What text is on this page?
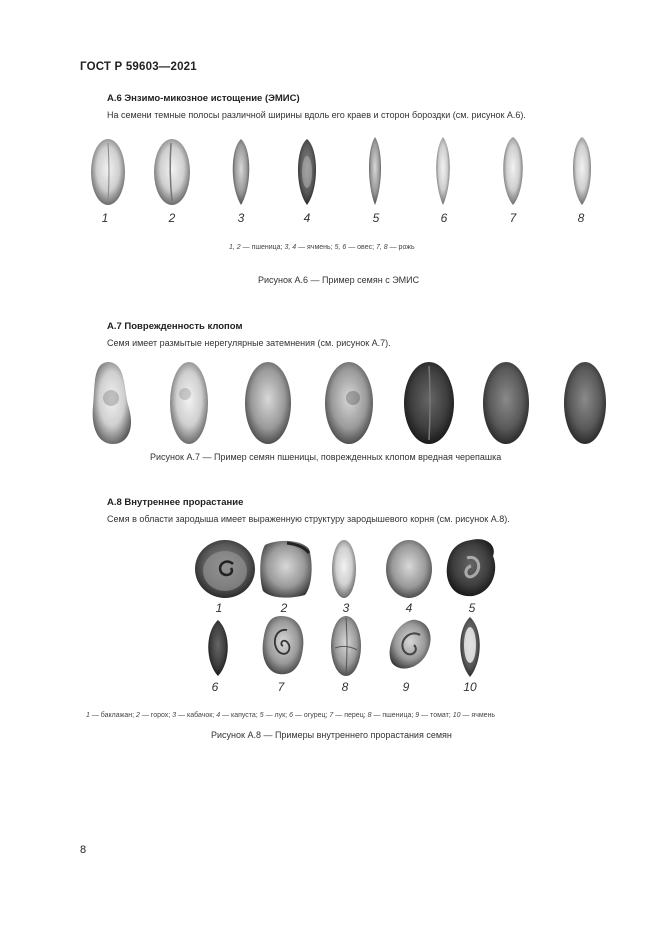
ГОСТ Р 59603—2021
А.6 Энзимо-микозное истощение (ЭМИС)
На семени темные полосы различной ширины вдоль его краев и сторон бороздки (см. рисунок А.6).
1	2	3	4	5	6	7	8
1, 2 — пшеница; 3, 4 — ячмень; 5, 6 — овес; 7, 8 — рожь
Рисунок А.6 — Пример семян с ЭМИС
А.7 Поврежденность клопом
Семя имеет размытые нерегулярные затемнения (см. рисунок А.7).
Рисунок А.7 — Пример семян пшеницы, поврежденных клопом вредная черепашка
А.8 Внутреннее прорастание
Семя в области зародыша имеет выраженную структуру зародышевого корня (см. рисунок А.8).
1	2	3	4	5
6	7	8	9	10
1 — баклажан; 2 — горох; 3 — кабачок; 4 — капуста; 5 — лук; 6 — огурец; 7 — перец; 8 — пшеница; 9 — томат; 10 — ячмень
Рисунок А.8 — Примеры внутреннего прорастания семян
8
